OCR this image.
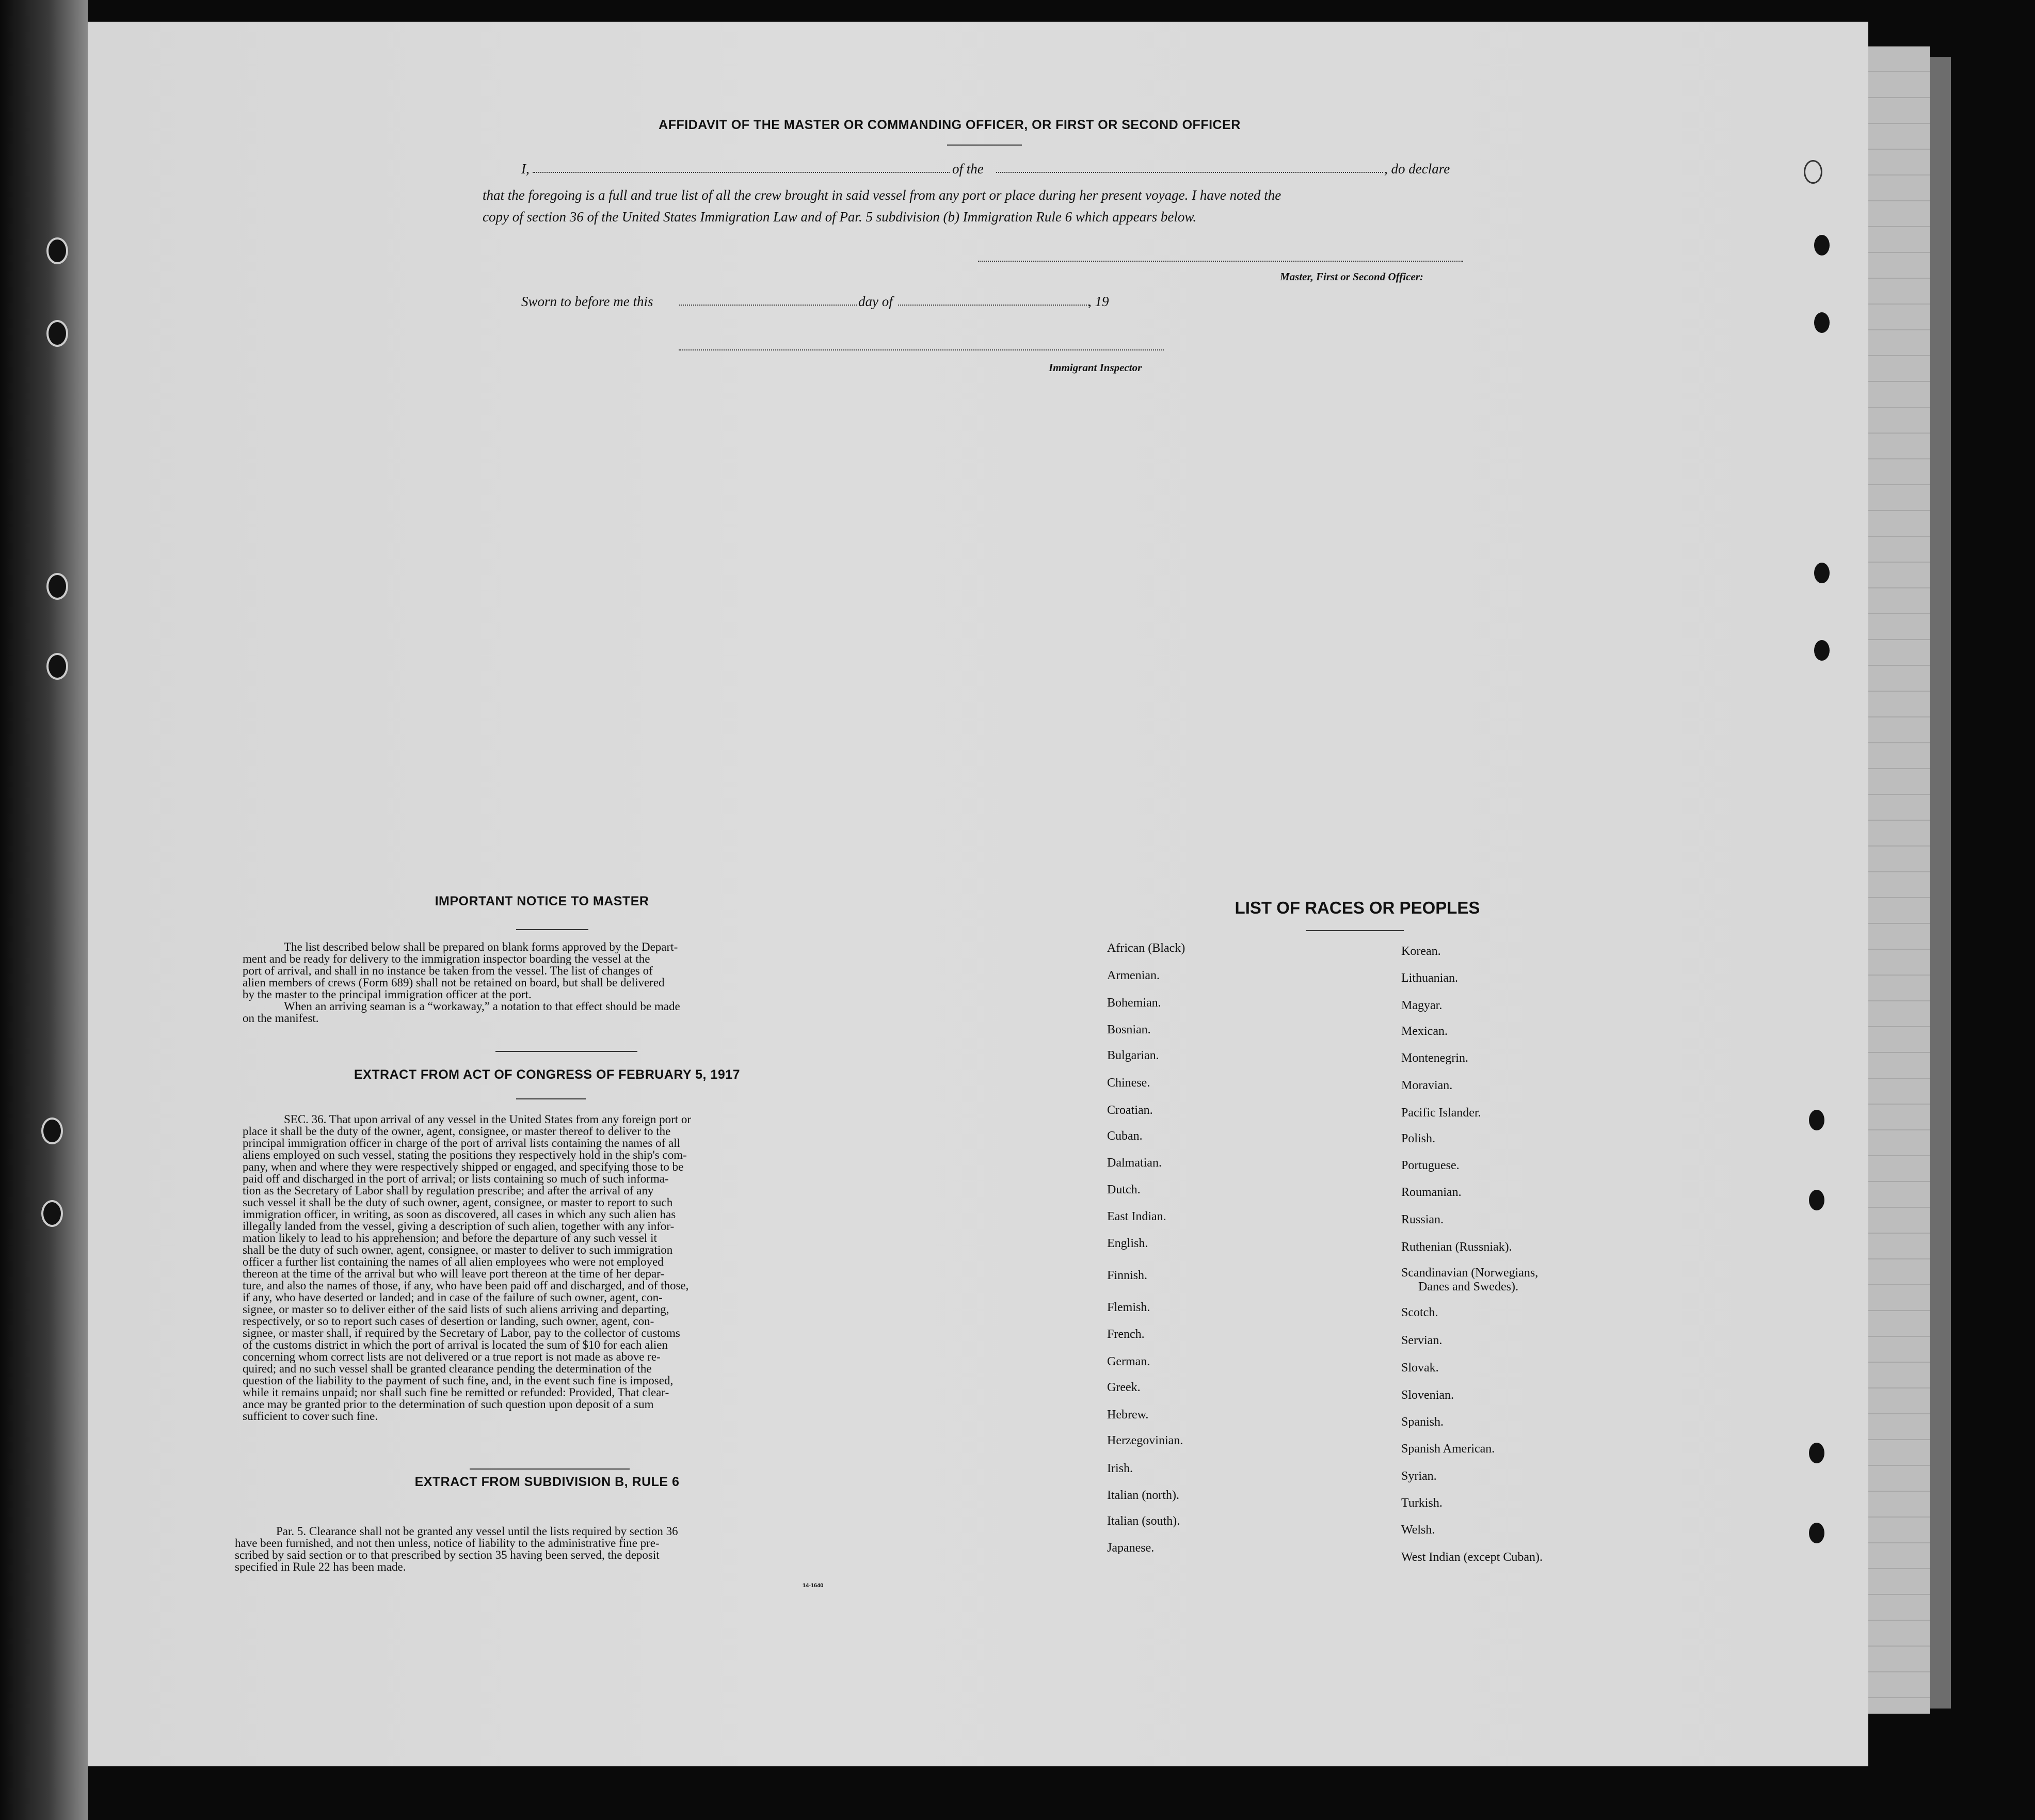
AFFIDAVIT OF THE MASTER OR COMMANDING OFFICER, OR FIRST OR SECOND OFFICER
I,	of the	, do declare
that the foregoing is a full and true list of all the crew brought in said vessel from any port or place during her present voyage. I have noted the
copy of section 36 of the United States Immigration Law and of Par. 5 subdivision (b) Immigration Rule 6 which appears below.
Master, First or Second Officer:
Sworn to before me this	day of	, 19
Immigrant Inspector
IMPORTANT NOTICE TO MASTER
The list described below shall be prepared on blank forms approved by the Depart-
ment and be ready for delivery to the immigration inspector boarding the vessel at the
port of arrival, and shall in no instance be taken from the vessel. The list of changes of
alien members of crews (Form 689) shall not be retained on board, but shall be delivered
by the master to the principal immigration officer at the port.
When an arriving seaman is a “workaway,” a notation to that effect should be made
on the manifest.
EXTRACT FROM ACT OF CONGRESS OF FEBRUARY 5, 1917
SEC. 36. That upon arrival of any vessel in the United States from any foreign port or
place it shall be the duty of the owner, agent, consignee, or master thereof to deliver to the
principal immigration officer in charge of the port of arrival lists containing the names of all
aliens employed on such vessel, stating the positions they respectively hold in the ship's com-
pany, when and where they were respectively shipped or engaged, and specifying those to be
paid off and discharged in the port of arrival; or lists containing so much of such informa-
tion as the Secretary of Labor shall by regulation prescribe; and after the arrival of any
such vessel it shall be the duty of such owner, agent, consignee, or master to report to such
immigration officer, in writing, as soon as discovered, all cases in which any such alien has
illegally landed from the vessel, giving a description of such alien, together with any infor-
mation likely to lead to his apprehension; and before the departure of any such vessel it
shall be the duty of such owner, agent, consignee, or master to deliver to such immigration
officer a further list containing the names of all alien employees who were not employed
thereon at the time of the arrival but who will leave port thereon at the time of her depar-
ture, and also the names of those, if any, who have been paid off and discharged, and of those,
if any, who have deserted or landed; and in case of the failure of such owner, agent, con-
signee, or master so to deliver either of the said lists of such aliens arriving and departing,
respectively, or so to report such cases of desertion or landing, such owner, agent, con-
signee, or master shall, if required by the Secretary of Labor, pay to the collector of customs
of the customs district in which the port of arrival is located the sum of $10 for each alien
concerning whom correct lists are not delivered or a true report is not made as above re-
quired; and no such vessel shall be granted clearance pending the determination of the
question of the liability to the payment of such fine, and, in the event such fine is imposed,
while it remains unpaid; nor shall such fine be remitted or refunded: Provided, That clear-
ance may be granted prior to the determination of such question upon deposit of a sum
sufficient to cover such fine.
EXTRACT FROM SUBDIVISION B, RULE 6
Par. 5. Clearance shall not be granted any vessel until the lists required by section 36
have been furnished, and not then unless, notice of liability to the administrative fine pre-
scribed by said section or to that prescribed by section 35 having been served, the deposit
specified in Rule 22 has been made.
14-1640
LIST OF RACES OR PEOPLES
African (Black)
Armenian.
Bohemian.
Bosnian.
Bulgarian.
Chinese.
Croatian.
Cuban.
Dalmatian.
Dutch.
East Indian.
English.
Finnish.
Flemish.
French.
German.
Greek.
Hebrew.
Herzegovinian.
Irish.
Italian (north).
Italian (south).
Japanese.
Korean.
Lithuanian.
Magyar.
Mexican.
Montenegrin.
Moravian.
Pacific Islander.
Polish.
Portuguese.
Roumanian.
Russian.
Ruthenian (Russniak).
Scandinavian (Norwegians,
Danes and Swedes).
Scotch.
Servian.
Slovak.
Slovenian.
Spanish.
Spanish American.
Syrian.
Turkish.
Welsh.
West Indian (except Cuban).
